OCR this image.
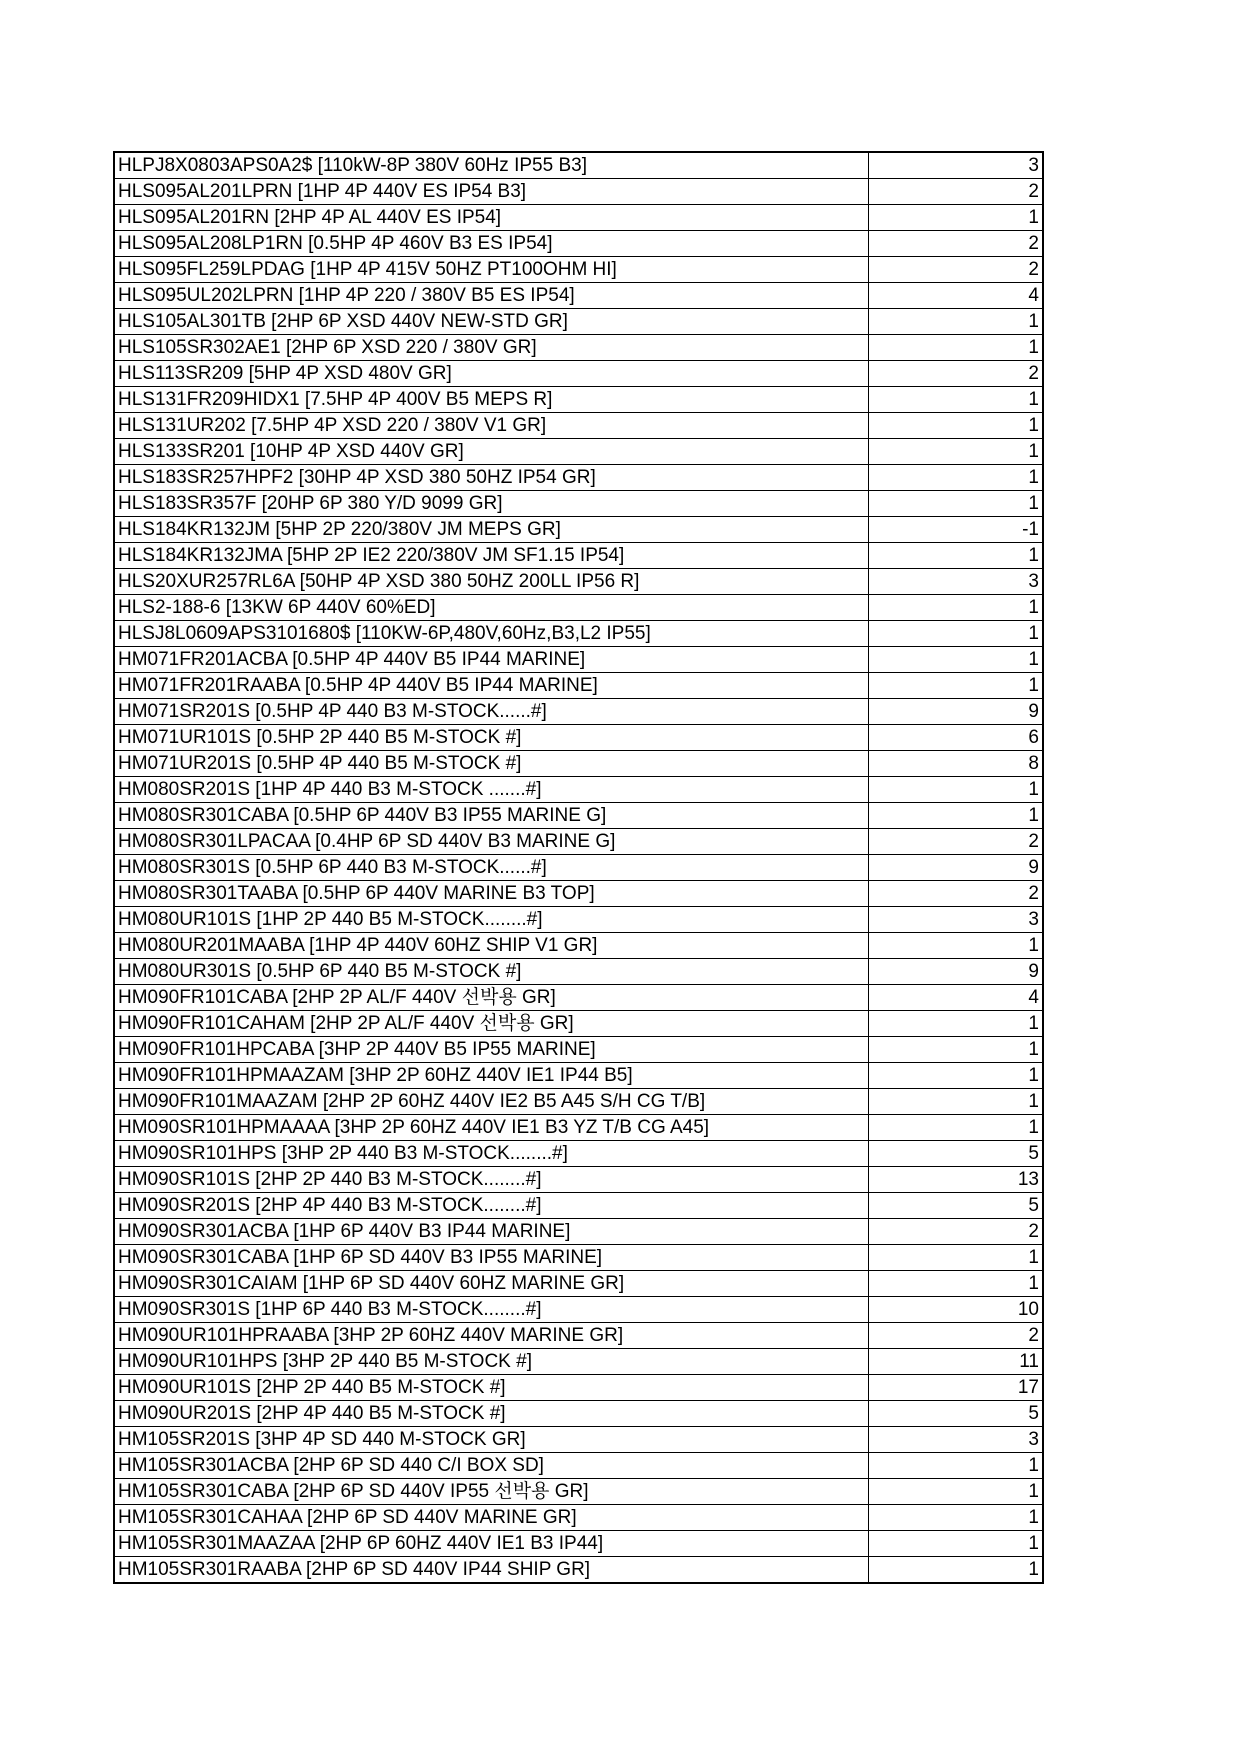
HLPJ8X0803APS0A2$ [110kW-8P 380V 60Hz IP55 B3]	3
HLS095AL201LPRN [1HP 4P 440V ES IP54 B3]	2
HLS095AL201RN [2HP 4P AL 440V ES IP54]	1
HLS095AL208LP1RN [0.5HP 4P 460V B3 ES IP54]	2
HLS095FL259LPDAG [1HP 4P 415V 50HZ PT100OHM HI]	2
HLS095UL202LPRN [1HP 4P 220 / 380V B5 ES IP54]	4
HLS105AL301TB [2HP 6P XSD 440V NEW-STD GR]	1
HLS105SR302AE1 [2HP 6P XSD 220 / 380V GR]	1
HLS113SR209 [5HP 4P XSD 480V GR]	2
HLS131FR209HIDX1 [7.5HP 4P 400V B5 MEPS R]	1
HLS131UR202 [7.5HP 4P XSD 220 / 380V V1 GR]	1
HLS133SR201 [10HP 4P XSD 440V GR]	1
HLS183SR257HPF2 [30HP 4P XSD 380 50HZ IP54 GR]	1
HLS183SR357F [20HP 6P 380 Y/D 9099 GR]	1
HLS184KR132JM [5HP 2P 220/380V JM MEPS GR]	-1
HLS184KR132JMA [5HP 2P IE2 220/380V JM SF1.15 IP54]	1
HLS20XUR257RL6A [50HP 4P XSD 380 50HZ 200LL IP56 R]	3
HLS2-188-6 [13KW 6P 440V 60%ED]	1
HLSJ8L0609APS3101680$ [110KW-6P,480V,60Hz,B3,L2 IP55]	1
HM071FR201ACBA [0.5HP 4P 440V B5 IP44 MARINE]	1
HM071FR201RAABA [0.5HP 4P 440V B5 IP44 MARINE]	1
HM071SR201S [0.5HP 4P 440 B3 M-STOCK......#]	9
HM071UR101S [0.5HP 2P 440 B5 M-STOCK #]	6
HM071UR201S [0.5HP 4P 440 B5 M-STOCK #]	8
HM080SR201S [1HP 4P 440 B3 M-STOCK .......#]	1
HM080SR301CABA [0.5HP 6P 440V B3 IP55 MARINE G]	1
HM080SR301LPACAA [0.4HP 6P SD 440V B3 MARINE G]	2
HM080SR301S [0.5HP 6P 440 B3 M-STOCK......#]	9
HM080SR301TAABA [0.5HP 6P 440V MARINE B3 TOP]	2
HM080UR101S [1HP 2P 440 B5 M-STOCK........#]	3
HM080UR201MAABA [1HP 4P 440V 60HZ SHIP V1 GR]	1
HM080UR301S [0.5HP 6P 440 B5 M-STOCK #]	9
HM090FR101CABA [2HP 2P AL/F 440V 선박용 GR]	4
HM090FR101CAHAM [2HP 2P AL/F 440V 선박용 GR]	1
HM090FR101HPCABA [3HP 2P 440V B5 IP55 MARINE]	1
HM090FR101HPMAAZAM [3HP 2P 60HZ 440V IE1 IP44 B5]	1
HM090FR101MAAZAM [2HP 2P 60HZ 440V IE2 B5 A45 S/H CG T/B]	1
HM090SR101HPMAAAA [3HP 2P 60HZ 440V IE1 B3 YZ T/B CG A45]	1
HM090SR101HPS [3HP 2P 440 B3 M-STOCK........#]	5
HM090SR101S [2HP 2P 440 B3 M-STOCK........#]	13
HM090SR201S [2HP 4P 440 B3 M-STOCK........#]	5
HM090SR301ACBA [1HP 6P 440V B3 IP44 MARINE]	2
HM090SR301CABA [1HP 6P SD 440V B3 IP55 MARINE]	1
HM090SR301CAIAM [1HP 6P SD 440V 60HZ MARINE GR]	1
HM090SR301S [1HP 6P 440 B3 M-STOCK........#]	10
HM090UR101HPRAABA [3HP 2P 60HZ 440V MARINE GR]	2
HM090UR101HPS [3HP 2P 440 B5 M-STOCK #]	11
HM090UR101S [2HP 2P 440 B5 M-STOCK #]	17
HM090UR201S [2HP 4P 440 B5 M-STOCK #]	5
HM105SR201S [3HP 4P SD 440 M-STOCK GR]	3
HM105SR301ACBA [2HP 6P SD 440 C/I BOX SD]	1
HM105SR301CABA [2HP 6P SD 440V IP55 선박용 GR]	1
HM105SR301CAHAA [2HP 6P SD 440V MARINE GR]	1
HM105SR301MAAZAA [2HP 6P 60HZ 440V IE1 B3 IP44]	1
HM105SR301RAABA [2HP 6P SD 440V IP44 SHIP GR]	1
